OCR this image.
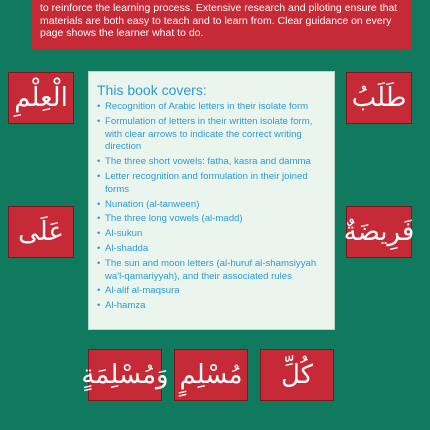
to reinforce the learning process. Extensive research and piloting ensure that
materials are both easy to teach and to learn from. Clear guidance on every
page shows the learner what to do.
الْعِلْمِ	طَلَبُ
عَلَى	فَرِيضَةٌ
وَمُسْلِمَةٍ مُسْلِمٍ	كُلِّ
This book covers:
• Recognition of Arabic letters in their isolate form
• Formulation of letters in their written isolate form, with clear arrows to indicate the correct writing direction
• The three short vowels: fatha, kasra and damma
• Letter recognition and formulation in their joined forms
• Nunation (al-tanween)
• The three long vowels (al-madd)
• Al-sukun
• Al-shadda
• The sun and moon letters (al-huruf al-shamsiyyah wa'l-qamariyyah), and their associated rules
• Al-alif al-maqsura
• Al-hamza
